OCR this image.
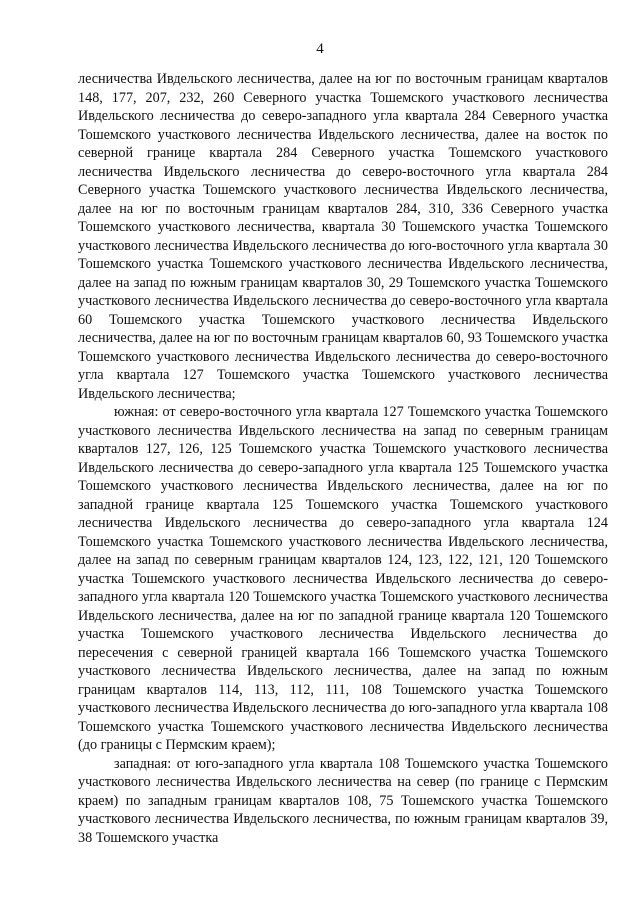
4

лесничества Ивдельского лесничества, далее на юг по восточным границам кварталов 148, 177, 207, 232, 260 Северного участка Тошемского участкового лесничества Ивдельского лесничества до северо-западного угла квартала 284 Северного участка Тошемского участкового лесничества Ивдельского лесничества, далее на восток по северной границе квартала 284 Северного участка Тошемского участкового лесничества Ивдельского лесничества до северо-восточного угла квартала 284 Северного участка Тошемского участкового лесничества Ивдельского лесничества, далее на юг по восточным границам кварталов 284, 310, 336 Северного участка Тошемского участкового лесничества, квартала 30 Тошемского участка Тошемского участкового лесничества Ивдельского лесничества до юго-восточного угла квартала 30 Тошемского участка Тошемского участкового лесничества Ивдельского лесничества, далее на запад по южным границам кварталов 30, 29 Тошемского участка Тошемского участкового лесничества Ивдельского лесничества до северо-восточного угла квартала 60 Тошемского участка Тошемского участкового лесничества Ивдельского лесничества, далее на юг по восточным границам кварталов 60, 93 Тошемского участка Тошемского участкового лесничества Ивдельского лесничества до северо-восточного угла квартала 127 Тошемского участка Тошемского участкового лесничества Ивдельского лесничества;

южная: от северо-восточного угла квартала 127 Тошемского участка Тошемского участкового лесничества Ивдельского лесничества на запад по северным границам кварталов 127, 126, 125 Тошемского участка Тошемского участкового лесничества Ивдельского лесничества до северо-западного угла квартала 125 Тошемского участка Тошемского участкового лесничества Ивдельского лесничества, далее на юг по западной границе квартала 125 Тошемского участка Тошемского участкового лесничества Ивдельского лесничества до северо-западного угла квартала 124 Тошемского участка Тошемского участкового лесничества Ивдельского лесничества, далее на запад по северным границам кварталов 124, 123, 122, 121, 120 Тошемского участка Тошемского участкового лесничества Ивдельского лесничества до северо-западного угла квартала 120 Тошемского участка Тошемского участкового лесничества Ивдельского лесничества, далее на юг по западной границе квартала 120 Тошемского участка Тошемского участкового лесничества Ивдельского лесничества до пересечения с северной границей квартала 166 Тошемского участка Тошемского участкового лесничества Ивдельского лесничества, далее на запад по южным границам кварталов 114, 113, 112, 111, 108 Тошемского участка Тошемского участкового лесничества Ивдельского лесничества до юго-западного угла квартала 108 Тошемского участка Тошемского участкового лесничества Ивдельского лесничества (до границы с Пермским краем);

западная: от юго-западного угла квартала 108 Тошемского участка Тошемского участкового лесничества Ивдельского лесничества на север (по границе с Пермским краем) по западным границам кварталов 108, 75 Тошемского участка Тошемского участкового лесничества Ивдельского лесничества, по южным границам кварталов 39, 38 Тошемского участка
